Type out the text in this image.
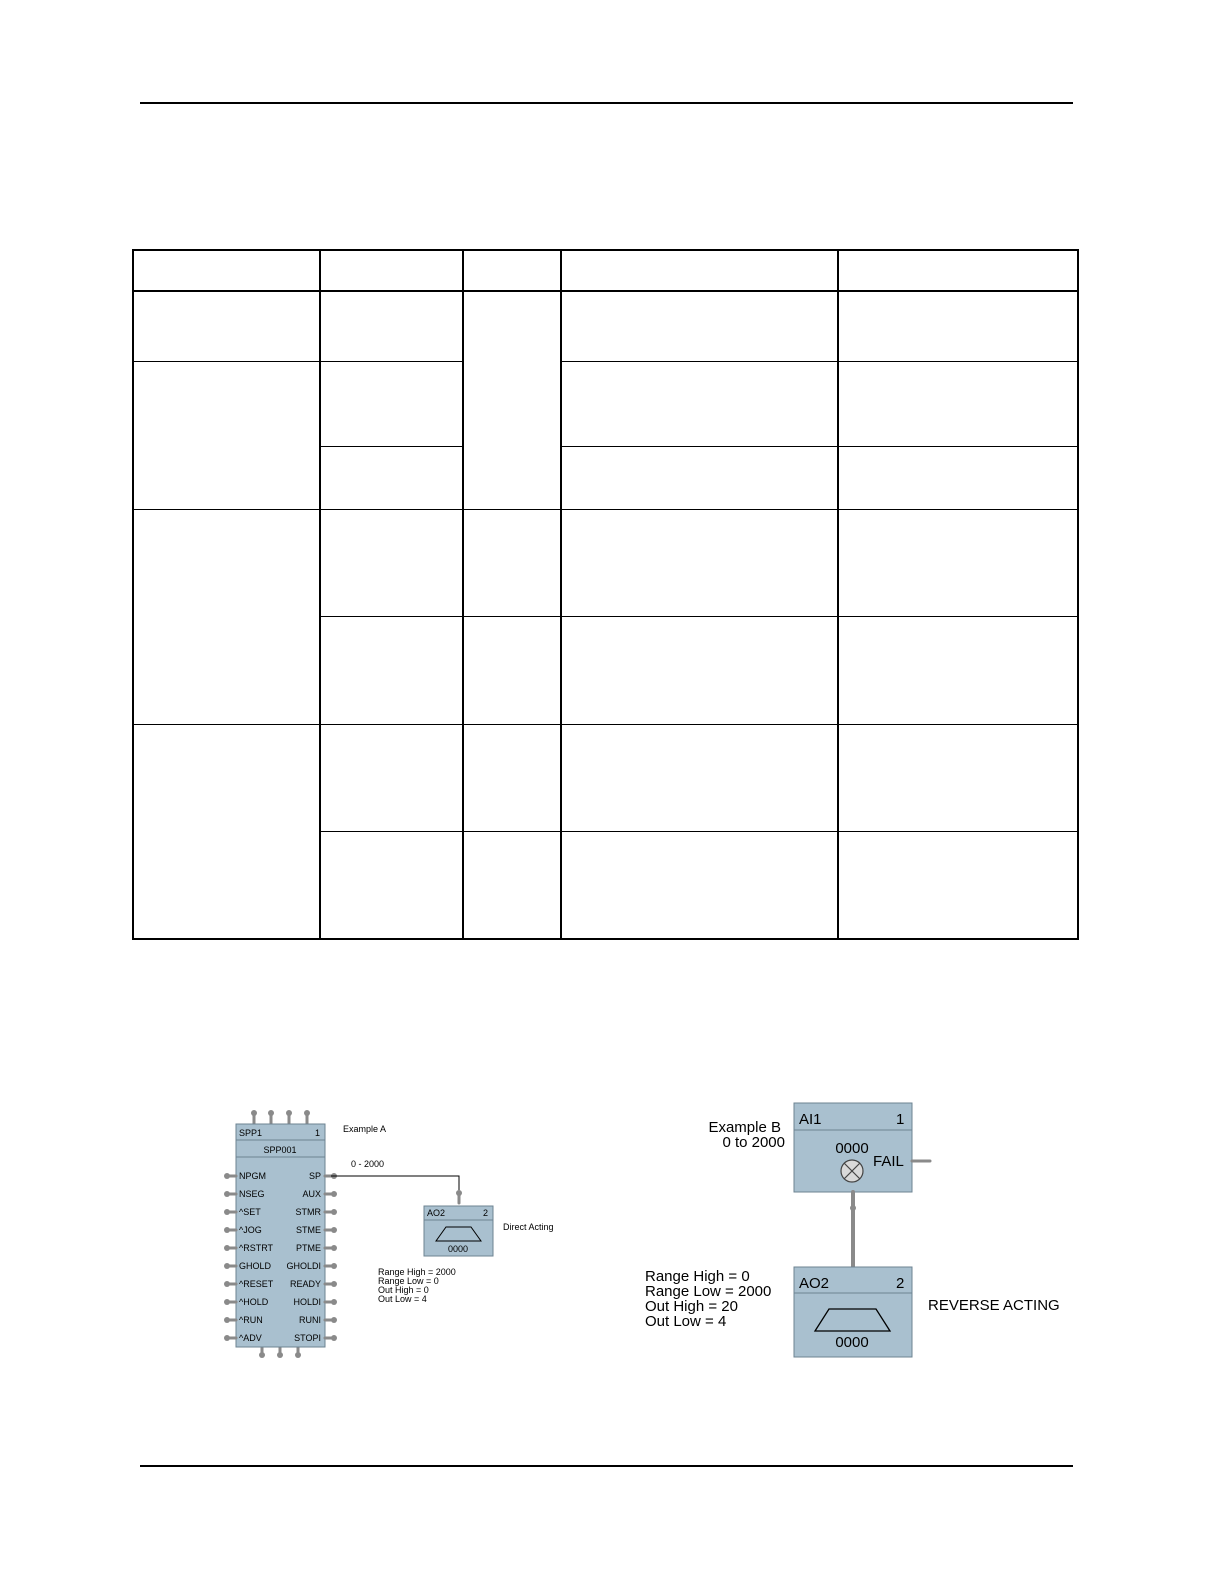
SPP1	1
SPP001
NPGM
NSEG
^SET
^JOG
^RSTRT
GHOLD
^RESET
^HOLD
^RUN
^ADV
SP
AUX
STMR
STME
PTME
GHOLDI
READY
HOLDI
RUNI
STOPI
Example A
0 - 2000
AO2	2
0000
Direct Acting
Range High = 2000
Range Low = 0
Out High = 0
Out Low = 4
Example B
0 to 2000
AI1	1
0000
FAIL
AO2	2
0000
REVERSE ACTING
Range High = 0
Range Low = 2000
Out High = 20
Out Low = 4
